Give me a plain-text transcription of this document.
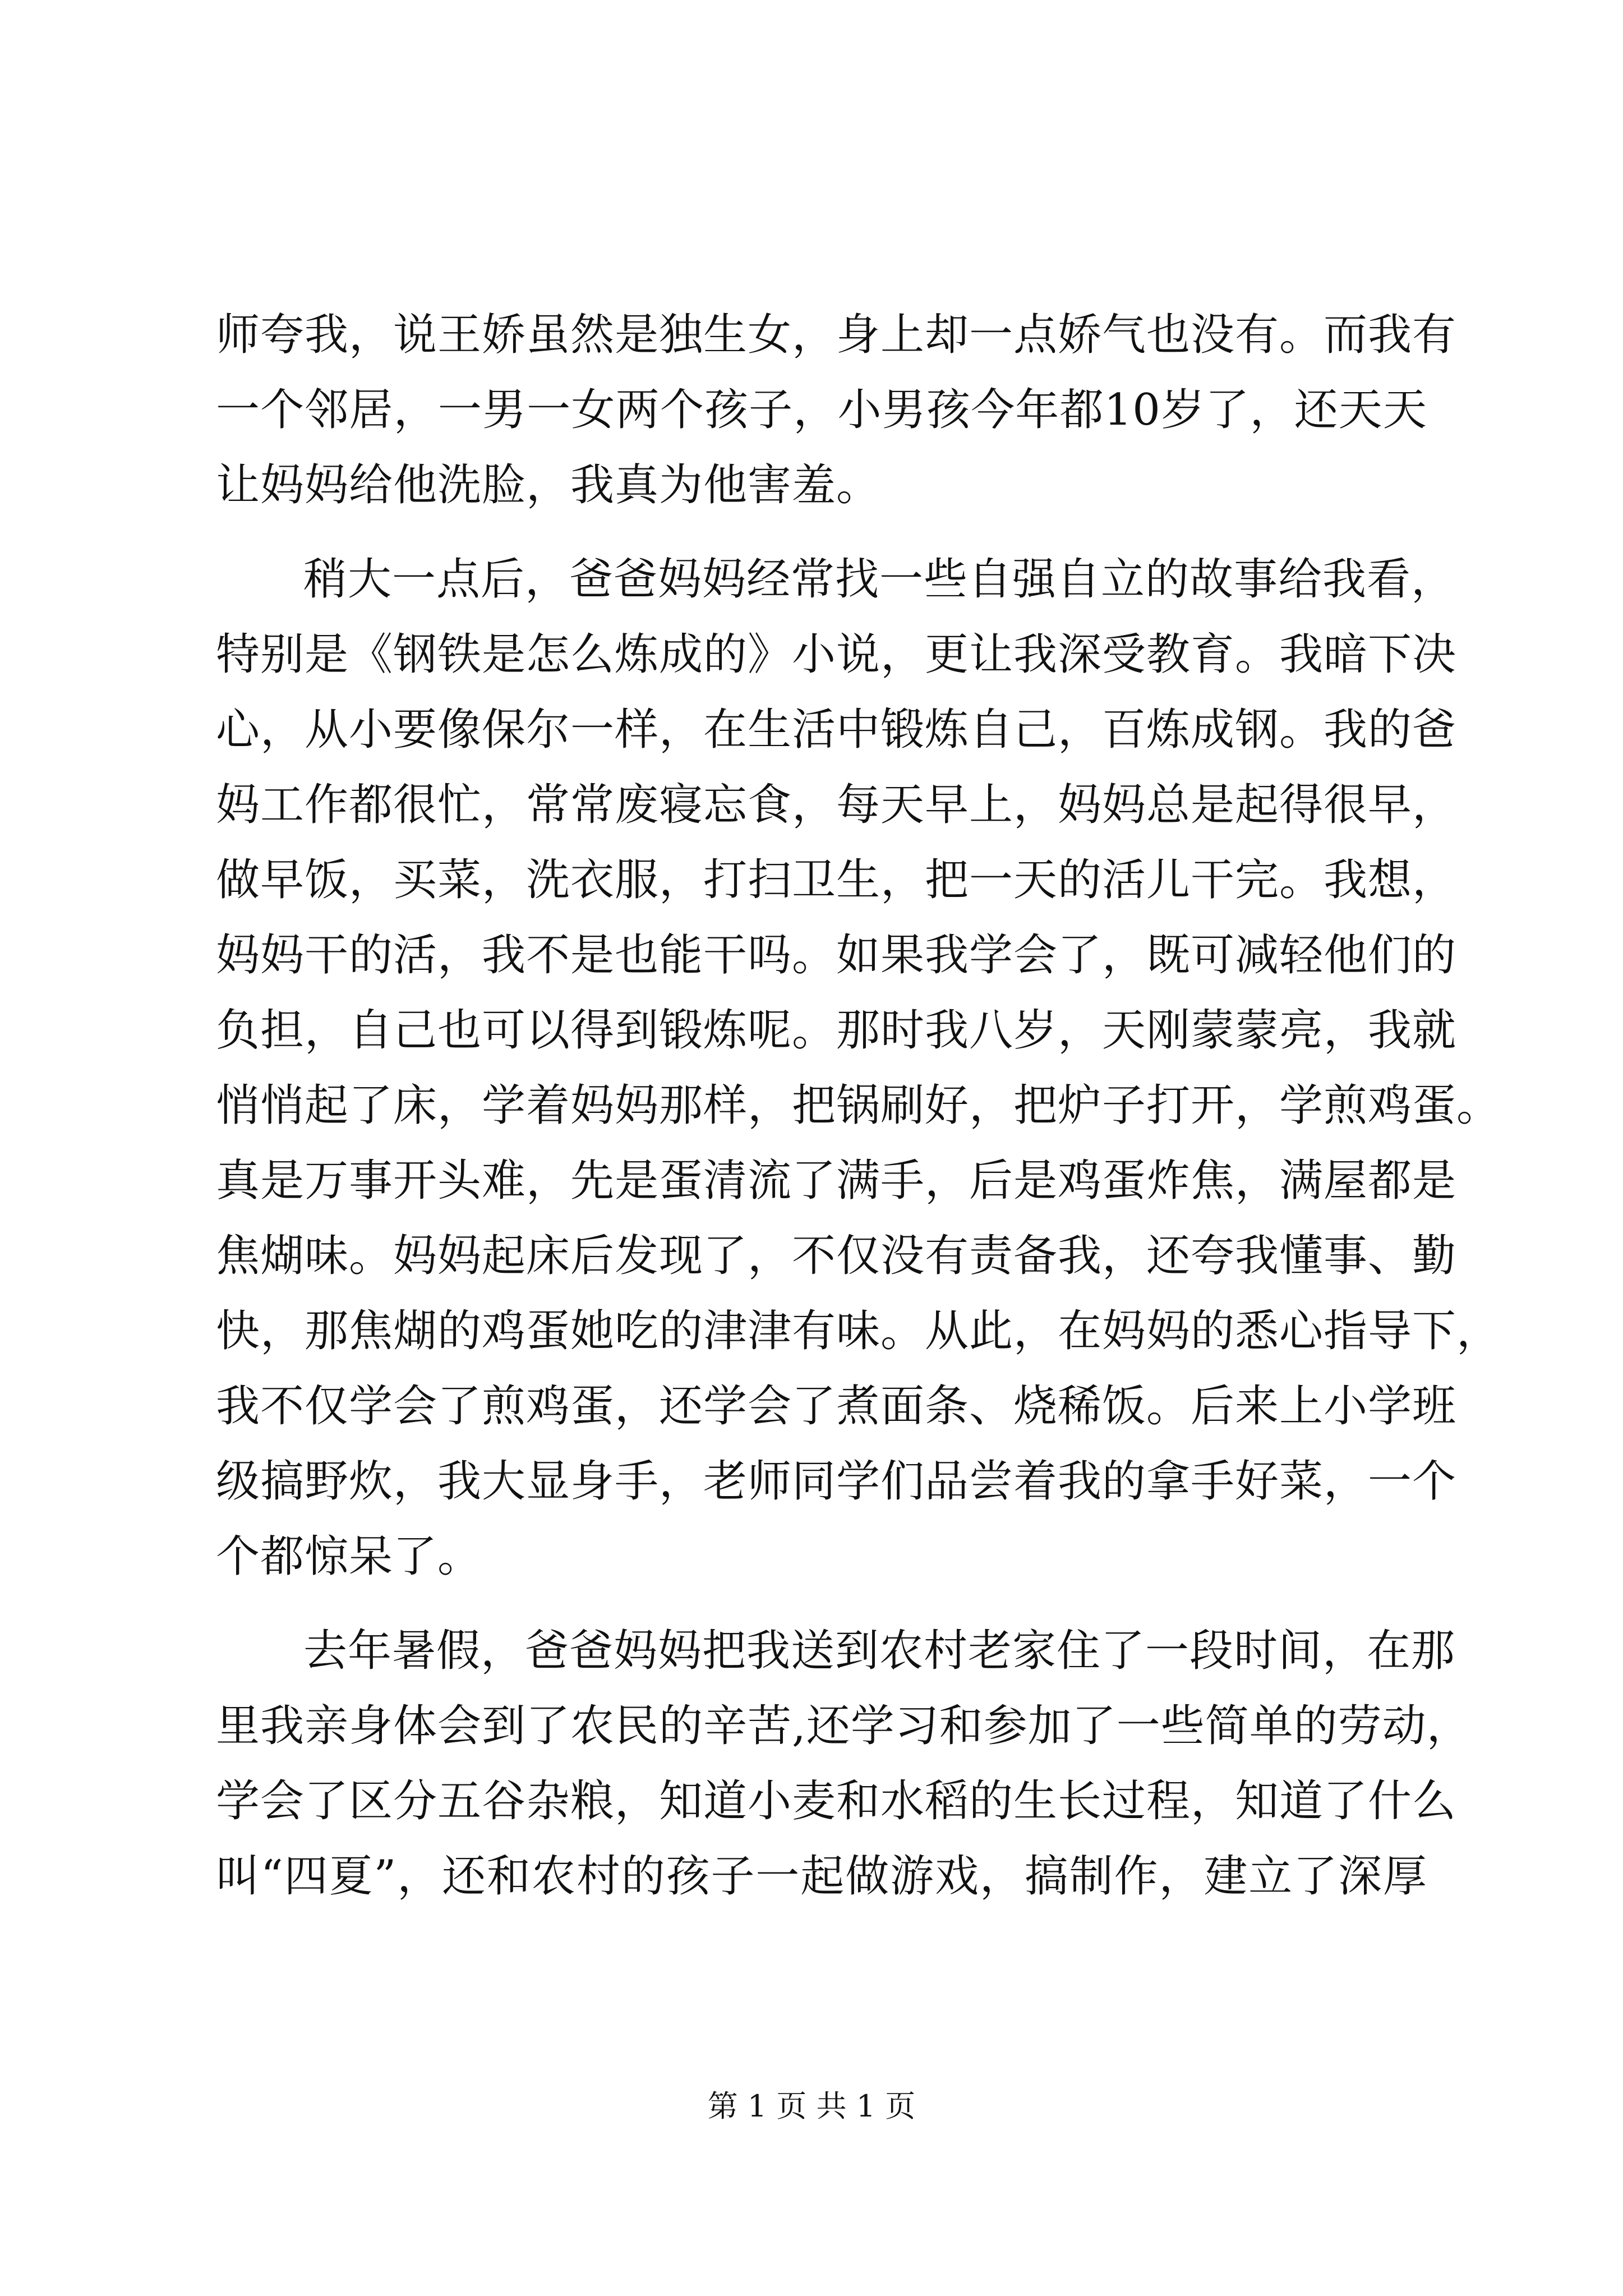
师夸我，说王娇虽然是独生女，身上却一点娇气也没有。而我有
一个邻居，一男一女两个孩子，小男孩今年都10岁了，还天天
让妈妈给他洗脸，我真为他害羞。
稍大一点后，爸爸妈妈经常找一些自强自立的故事给我看，
特别是《钢铁是怎么炼成的》小说，更让我深受教育。我暗下决
心，从小要像保尔一样，在生活中锻炼自己，百炼成钢。我的爸
妈工作都很忙，常常废寝忘食，每天早上，妈妈总是起得很早，
做早饭，买菜，洗衣服，打扫卫生，把一天的活儿干完。我想，
妈妈干的活，我不是也能干吗。如果我学会了，既可减轻他们的
负担，自己也可以得到锻炼呢。那时我八岁，天刚蒙蒙亮，我就
悄悄起了床，学着妈妈那样，把锅刷好，把炉子打开，学煎鸡蛋。
真是万事开头难，先是蛋清流了满手，后是鸡蛋炸焦，满屋都是
焦煳味。妈妈起床后发现了，不仅没有责备我，还夸我懂事、勤
快，那焦煳的鸡蛋她吃的津津有味。从此，在妈妈的悉心指导下，
我不仅学会了煎鸡蛋，还学会了煮面条、烧稀饭。后来上小学班
级搞野炊，我大显身手，老师同学们品尝着我的拿手好菜，一个
个都惊呆了。
去年暑假，爸爸妈妈把我送到农村老家住了一段时间，在那
里我亲身体会到了农民的辛苦,还学习和参加了一些简单的劳动，
学会了区分五谷杂粮，知道小麦和水稻的生长过程，知道了什么
叫“四夏”，还和农村的孩子一起做游戏，搞制作，建立了深厚
第 1 页 共 1 页
